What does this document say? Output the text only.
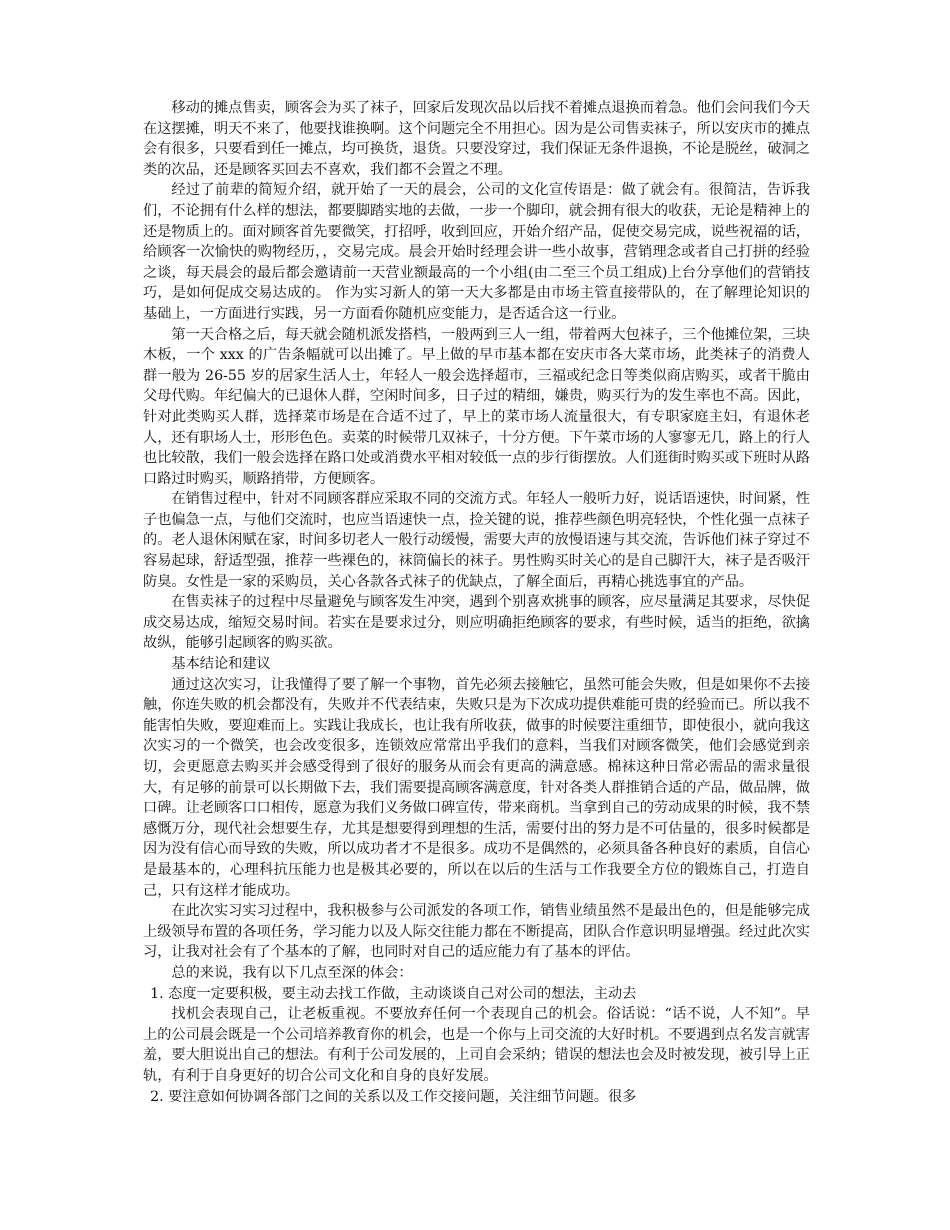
移动的摊点售卖，顾客会为买了袜子，回家后发现次品以后找不着摊点退换而着急。他们会问我们今天在这摆摊，明天不来了，他要找谁换啊。这个问题完全不用担心。因为是公司售卖袜子，所以安庆市的摊点会有很多，只要看到任一摊点，均可换货，退货。只要没穿过，我们保证无条件退换，不论是脱丝，破洞之类的次品，还是顾客买回去不喜欢，我们都不会置之不理。

经过了前辈的简短介绍，就开始了一天的晨会，公司的文化宣传语是：做了就会有。很简洁，告诉我们，不论拥有什么样的想法，都要脚踏实地的去做，一步一个脚印，就会拥有很大的收获，无论是精神上的还是物质上的。面对顾客首先要微笑，打招呼，收到回应，开始介绍产品，促使交易完成，说些祝福的话，给顾客一次愉快的购物经历，，交易完成。晨会开始时经理会讲一些小故事，营销理念或者自己打拼的经验之谈，每天晨会的最后都会邀请前一天营业额最高的一个小组(由二至三个员工组成)上台分享他们的营销技巧，是如何促成交易达成的。 作为实习新人的第一天大多都是由市场主管直接带队的，在了解理论知识的基础上，一方面进行实践，另一方面看你随机应变能力，是否适合这一行业。

第一天合格之后，每天就会随机派发搭档，一般两到三人一组，带着两大包袜子，三个他摊位架，三块木板，一个 xxx 的广告条幅就可以出摊了。早上做的早市基本都在安庆市各大菜市场，此类袜子的消费人群一般为 26-55 岁的居家生活人士，年轻人一般会选择超市，三福或纪念日等类似商店购买，或者干脆由父母代购。年纪偏大的已退休人群，空闲时间多，日子过的精细，嫌贵，购买行为的发生率也不高。因此，针对此类购买人群，选择菜市场是在合适不过了，早上的菜市场人流量很大，有专职家庭主妇，有退休老人，还有职场人士，形形色色。卖菜的时候带几双袜子，十分方便。下午菜市场的人寥寥无几，路上的行人也比较散，我们一般会选择在路口处或消费水平相对较低一点的步行街摆放。人们逛街时购买或下班时从路口路过时购买，顺路捎带，方便顾客。

在销售过程中，针对不同顾客群应采取不同的交流方式。年轻人一般听力好，说话语速快，时间紧，性子也偏急一点，与他们交流时，也应当语速快一点，捡关键的说，推荐些颜色明亮轻快，个性化强一点袜子的。老人退休闲赋在家，时间多切老人一般行动缓慢，需要大声的放慢语速与其交流，告诉他们袜子穿过不容易起球，舒适型强，推荐一些裸色的，袜筒偏长的袜子。男性购买时关心的是自己脚汗大，袜子是否吸汗防臭。女性是一家的采购员，关心各款各式袜子的优缺点，了解全面后，再精心挑选事宜的产品。

在售卖袜子的过程中尽量避免与顾客发生冲突，遇到个别喜欢挑事的顾客，应尽量满足其要求，尽快促成交易达成，缩短交易时间。若实在是要求过分，则应明确拒绝顾客的要求，有些时候，适当的拒绝，欲擒故纵，能够引起顾客的购买欲。

基本结论和建议

通过这次实习，让我懂得了要了解一个事物，首先必须去接触它，虽然可能会失败，但是如果你不去接触，你连失败的机会都没有，失败并不代表结束，失败只是为下次成功提供难能可贵的经验而已。所以我不能害怕失败，要迎难而上。实践让我成长，也让我有所收获，做事的时候要注重细节，即使很小，就向我这次实习的一个微笑，也会改变很多，连锁效应常常出乎我们的意料，当我们对顾客微笑，他们会感觉到亲切，会更愿意去购买并会感受得到了很好的服务从而会有更高的满意感。棉袜这种日常必需品的需求量很大，有足够的前景可以长期做下去，我们需要提高顾客满意度，针对各类人群推销合适的产品，做品牌，做口碑。让老顾客口口相传，愿意为我们义务做口碑宣传，带来商机。当拿到自己的劳动成果的时候，我不禁感慨万分，现代社会想要生存，尤其是想要得到理想的生活，需要付出的努力是不可估量的，很多时候都是因为没有信心而导致的失败，所以成功者才不是很多。成功不是偶然的，必须具备各种良好的素质，自信心是最基本的，心理科抗压能力也是极其必要的，所以在以后的生活与工作我要全方位的锻炼自己，打造自己，只有这样才能成功。

在此次实习实习过程中，我积极参与公司派发的各项工作，销售业绩虽然不是最出色的，但是能够完成上级领导布置的各项任务，学习能力以及人际交往能力都在不断提高，团队合作意识明显增强。经过此次实习，让我对社会有了个基本的了解，也同时对自己的适应能力有了基本的评估。

总的来说，我有以下几点至深的体会：

1. 态度一定要积极，要主动去找工作做，主动谈谈自己对公司的想法，主动去

找机会表现自己，让老板重视。不要放弃任何一个表现自己的机会。俗话说：“话不说，人不知”。早上的公司晨会既是一个公司培养教育你的机会，也是一个你与上司交流的大好时机。不要遇到点名发言就害羞，要大胆说出自己的想法。有利于公司发展的，上司自会采纳；错误的想法也会及时被发现，被引导上正轨，有利于自身更好的切合公司文化和自身的良好发展。

2. 要注意如何协调各部门之间的关系以及工作交接问题，关注细节问题。很多
